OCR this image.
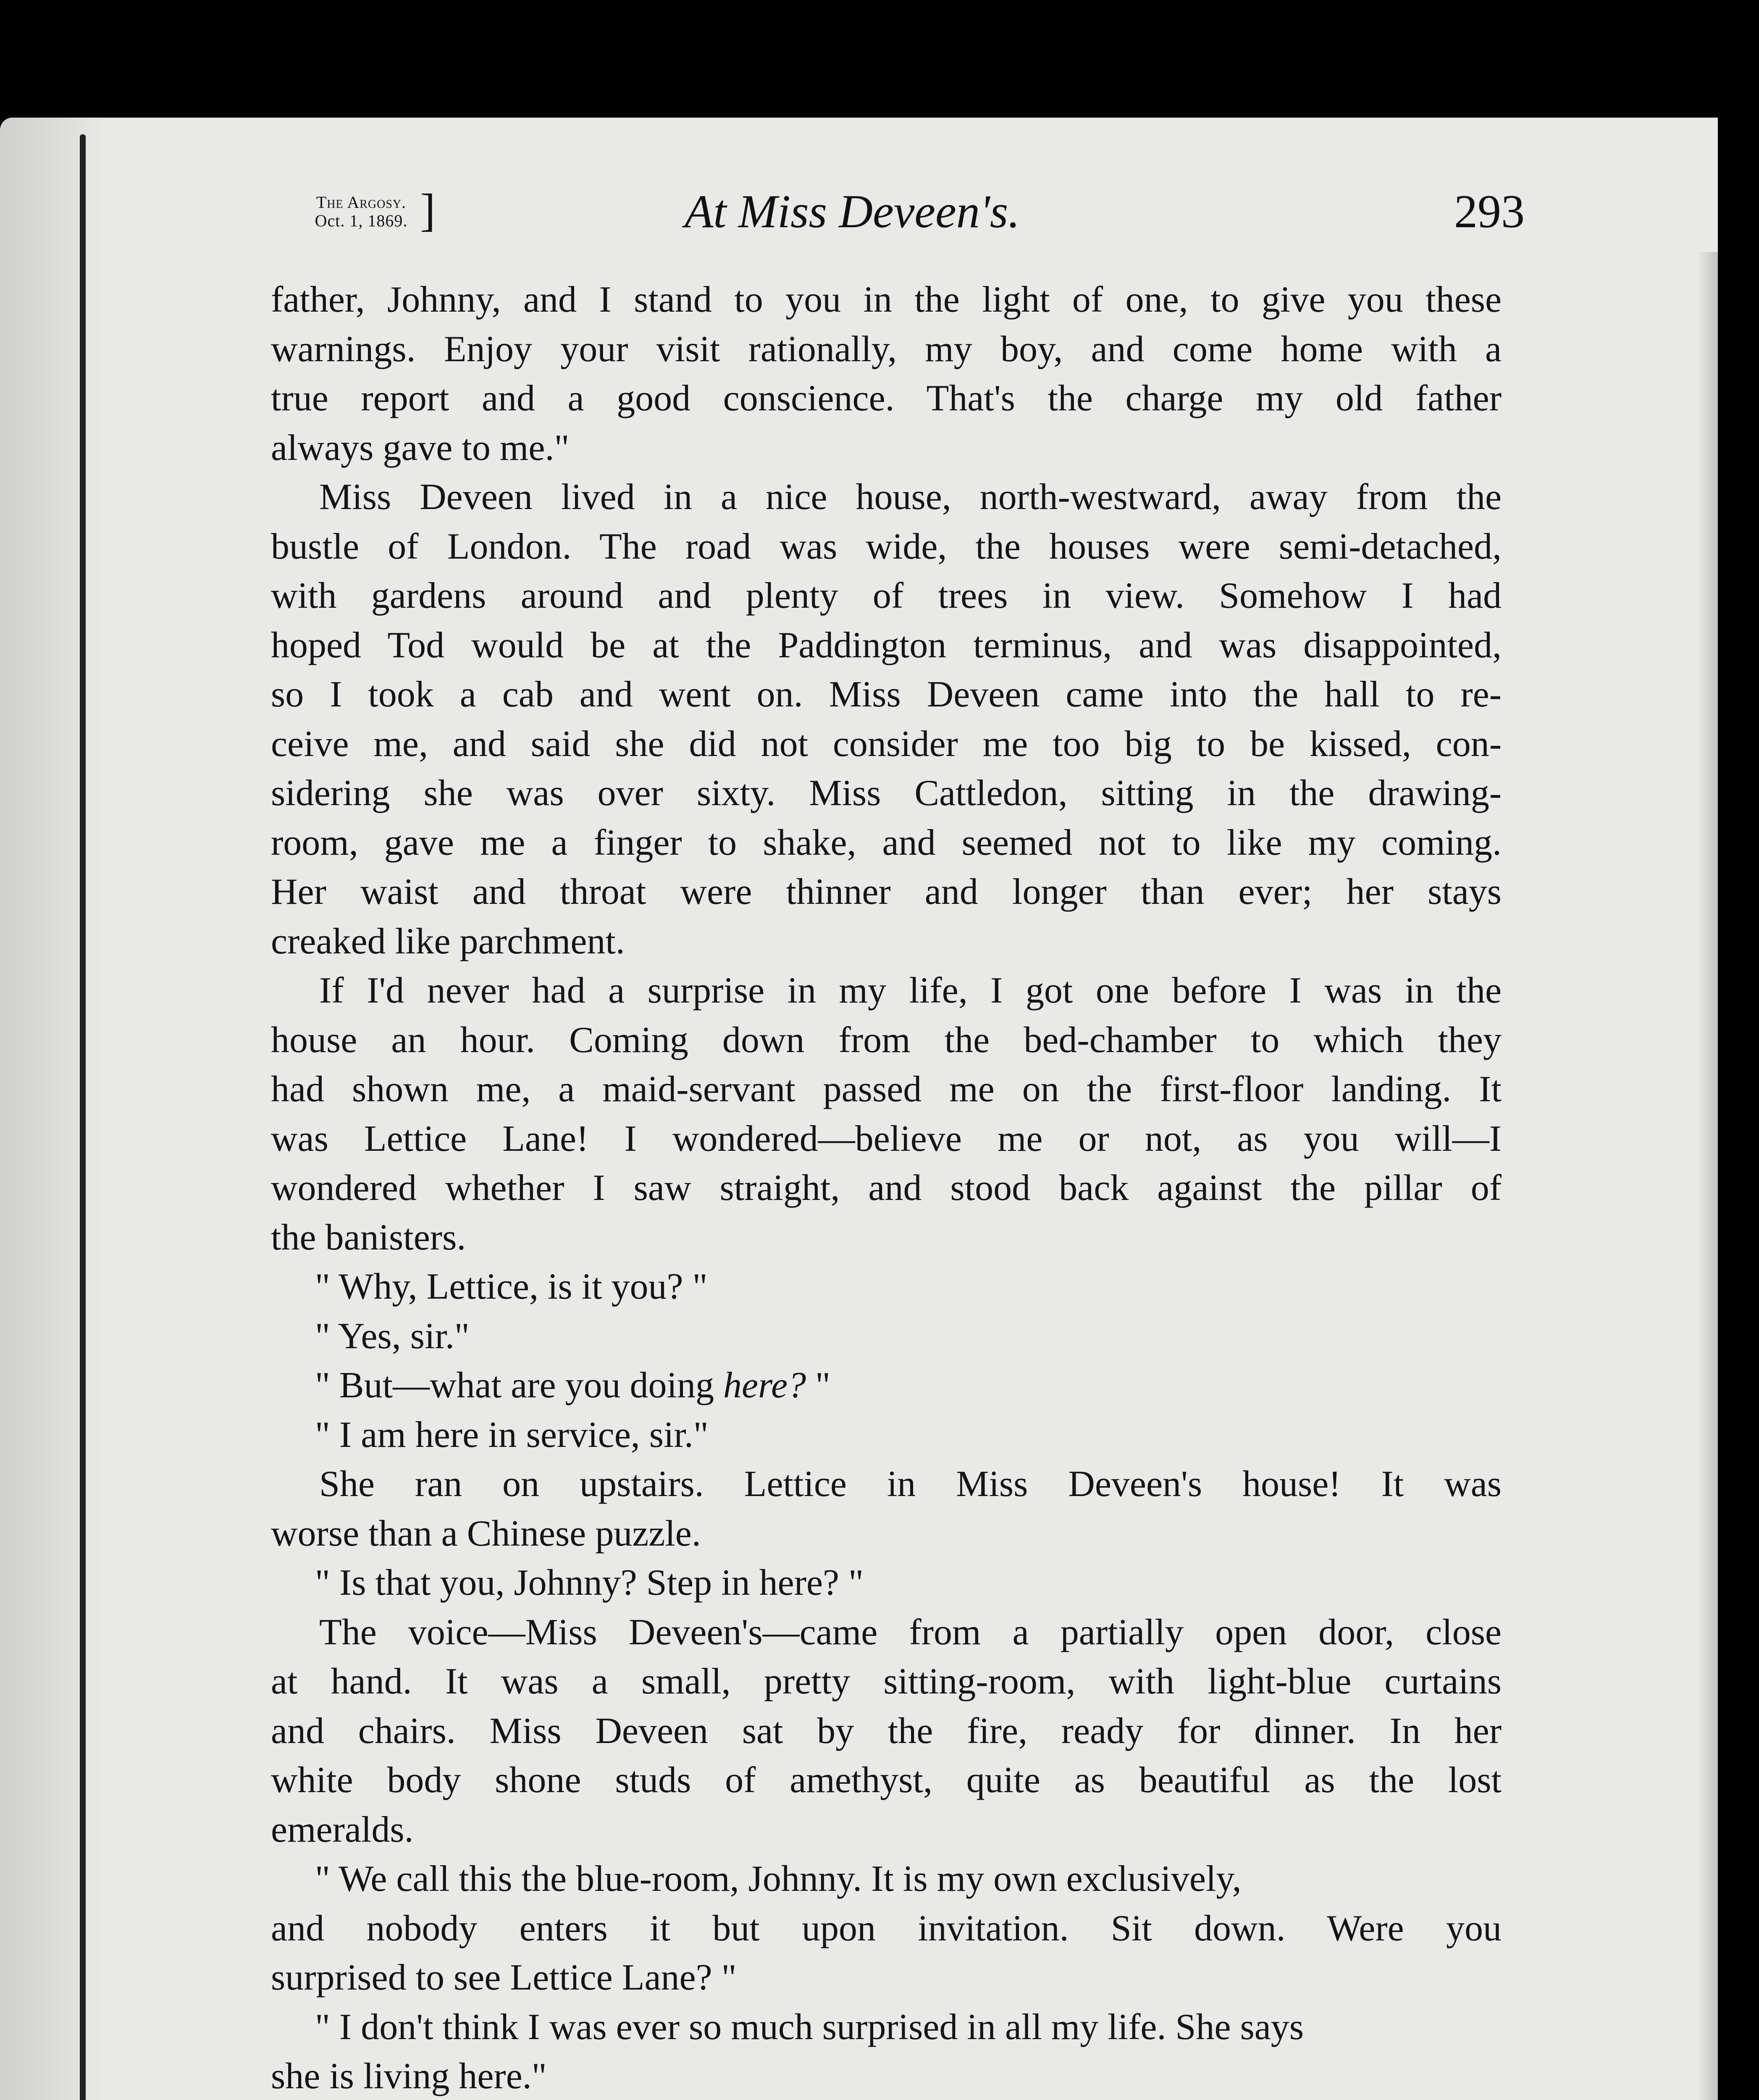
The Argosy.
Oct. 1, 1869. ]	At Miss Deveen's.	293
father, Johnny, and I stand to you in the light of one, to give you these
warnings. Enjoy your visit rationally, my boy, and come home with a
true report and a good conscience. That's the charge my old father
always gave to me."
Miss Deveen lived in a nice house, north-westward, away from the
bustle of London. The road was wide, the houses were semi-detached,
with gardens around and plenty of trees in view. Somehow I had
hoped Tod would be at the Paddington terminus, and was disappointed,
so I took a cab and went on. Miss Deveen came into the hall to re-
ceive me, and said she did not consider me too big to be kissed, con-
sidering she was over sixty. Miss Cattledon, sitting in the drawing-
room, gave me a finger to shake, and seemed not to like my coming.
Her waist and throat were thinner and longer than ever; her stays
creaked like parchment.
If I'd never had a surprise in my life, I got one before I was in the
house an hour. Coming down from the bed-chamber to which they
had shown me, a maid-servant passed me on the first-floor landing. It
was Lettice Lane! I wondered—believe me or not, as you will—I
wondered whether I saw straight, and stood back against the pillar of
the banisters.
" Why, Lettice, is it you? "
" Yes, sir."
" But—what are you doing here? "
" I am here in service, sir."
She ran on upstairs. Lettice in Miss Deveen's house! It was
worse than a Chinese puzzle.
" Is that you, Johnny? Step in here? "
The voice—Miss Deveen's—came from a partially open door, close
at hand. It was a small, pretty sitting-room, with light-blue curtains
and chairs. Miss Deveen sat by the fire, ready for dinner. In her
white body shone studs of amethyst, quite as beautiful as the lost
emeralds.
" We call this the blue-room, Johnny. It is my own exclusively,
and nobody enters it but upon invitation. Sit down. Were you
surprised to see Lettice Lane? "
" I don't think I was ever so much surprised in all my life. She says
she is living here."
